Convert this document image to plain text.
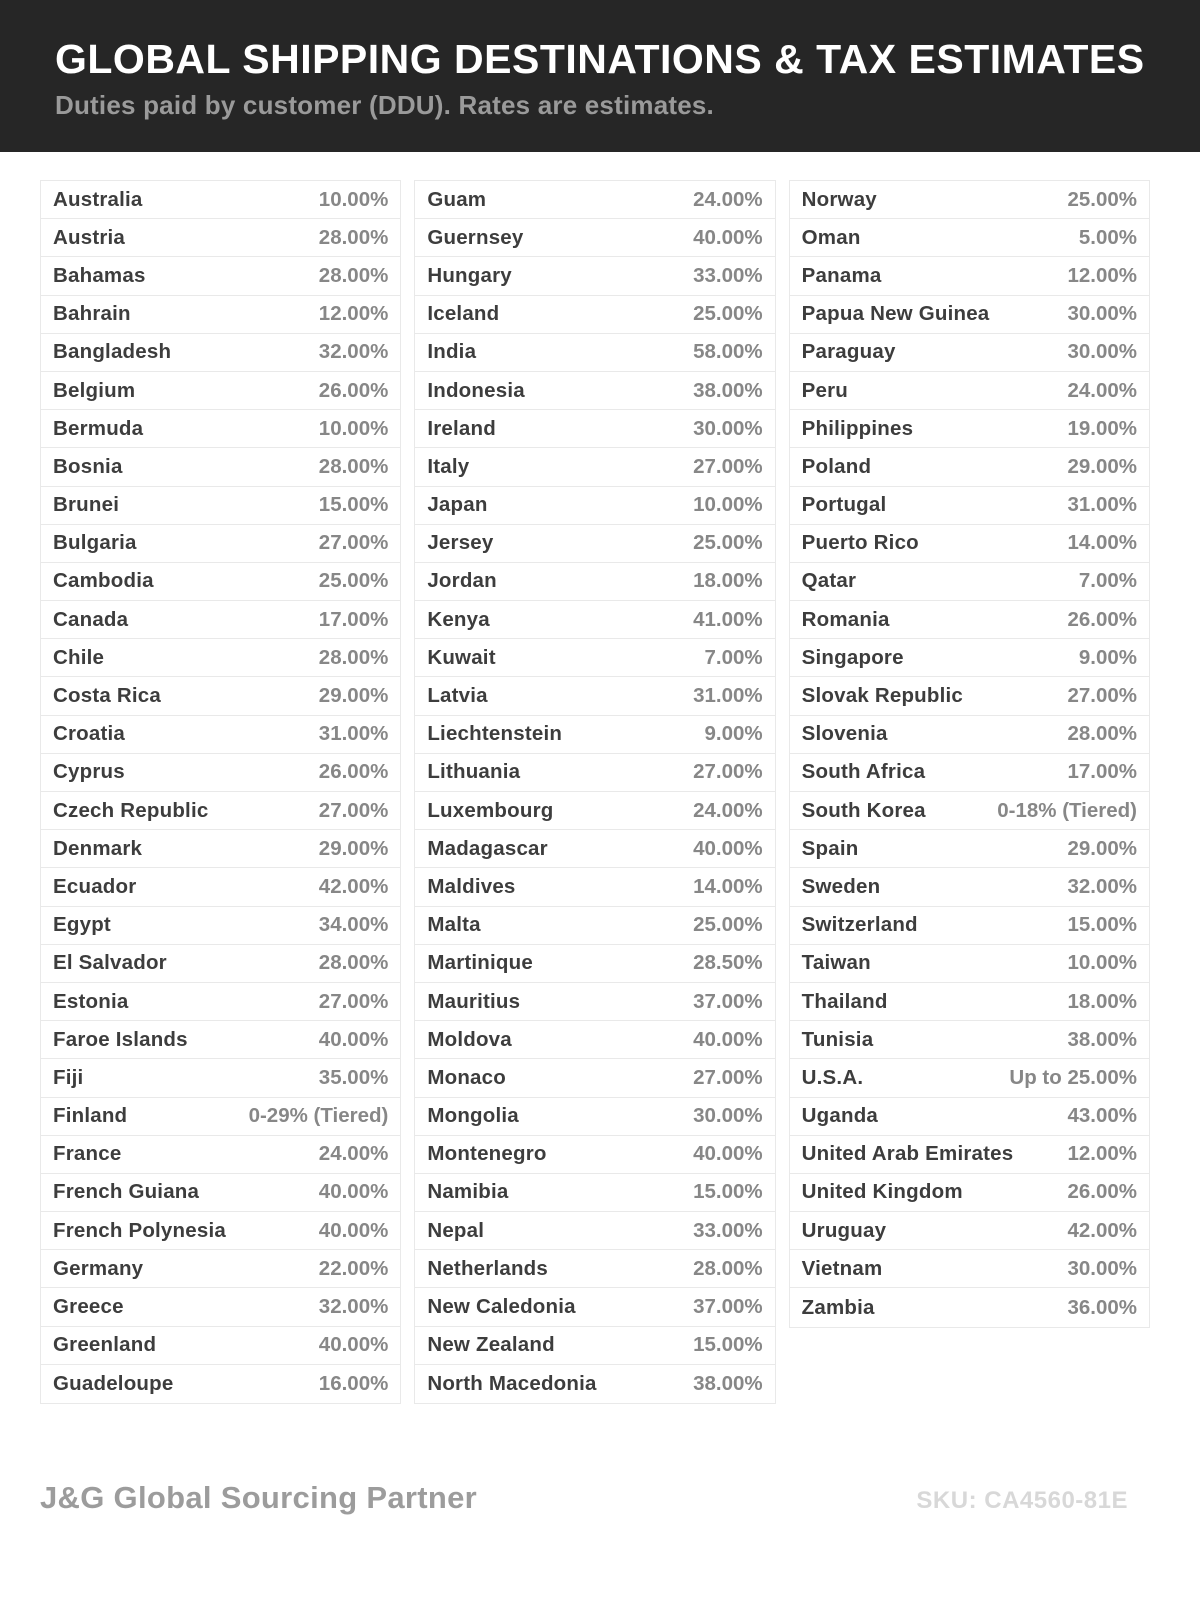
GLOBAL SHIPPING DESTINATIONS & TAX ESTIMATES
Duties paid by customer (DDU). Rates are estimates.
Australia	10.00%
Austria	28.00%
Bahamas	28.00%
Bahrain	12.00%
Bangladesh	32.00%
Belgium	26.00%
Bermuda	10.00%
Bosnia	28.00%
Brunei	15.00%
Bulgaria	27.00%
Cambodia	25.00%
Canada	17.00%
Chile	28.00%
Costa Rica	29.00%
Croatia	31.00%
Cyprus	26.00%
Czech Republic	27.00%
Denmark	29.00%
Ecuador	42.00%
Egypt	34.00%
El Salvador	28.00%
Estonia	27.00%
Faroe Islands	40.00%
Fiji	35.00%
Finland	0-29% (Tiered)
France	24.00%
French Guiana	40.00%
French Polynesia	40.00%
Germany	22.00%
Greece	32.00%
Greenland	40.00%
Guadeloupe	16.00%
Guam	24.00%
Guernsey	40.00%
Hungary	33.00%
Iceland	25.00%
India	58.00%
Indonesia	38.00%
Ireland	30.00%
Italy	27.00%
Japan	10.00%
Jersey	25.00%
Jordan	18.00%
Kenya	41.00%
Kuwait	7.00%
Latvia	31.00%
Liechtenstein	9.00%
Lithuania	27.00%
Luxembourg	24.00%
Madagascar	40.00%
Maldives	14.00%
Malta	25.00%
Martinique	28.50%
Mauritius	37.00%
Moldova	40.00%
Monaco	27.00%
Mongolia	30.00%
Montenegro	40.00%
Namibia	15.00%
Nepal	33.00%
Netherlands	28.00%
New Caledonia	37.00%
New Zealand	15.00%
North Macedonia	38.00%
Norway	25.00%
Oman	5.00%
Panama	12.00%
Papua New Guinea	30.00%
Paraguay	30.00%
Peru	24.00%
Philippines	19.00%
Poland	29.00%
Portugal	31.00%
Puerto Rico	14.00%
Qatar	7.00%
Romania	26.00%
Singapore	9.00%
Slovak Republic	27.00%
Slovenia	28.00%
South Africa	17.00%
South Korea	0-18% (Tiered)
Spain	29.00%
Sweden	32.00%
Switzerland	15.00%
Taiwan	10.00%
Thailand	18.00%
Tunisia	38.00%
U.S.A.	Up to 25.00%
Uganda	43.00%
United Arab Emirates	12.00%
United Kingdom	26.00%
Uruguay	42.00%
Vietnam	30.00%
Zambia	36.00%
J&G Global Sourcing Partner	SKU: CA4560-81E
